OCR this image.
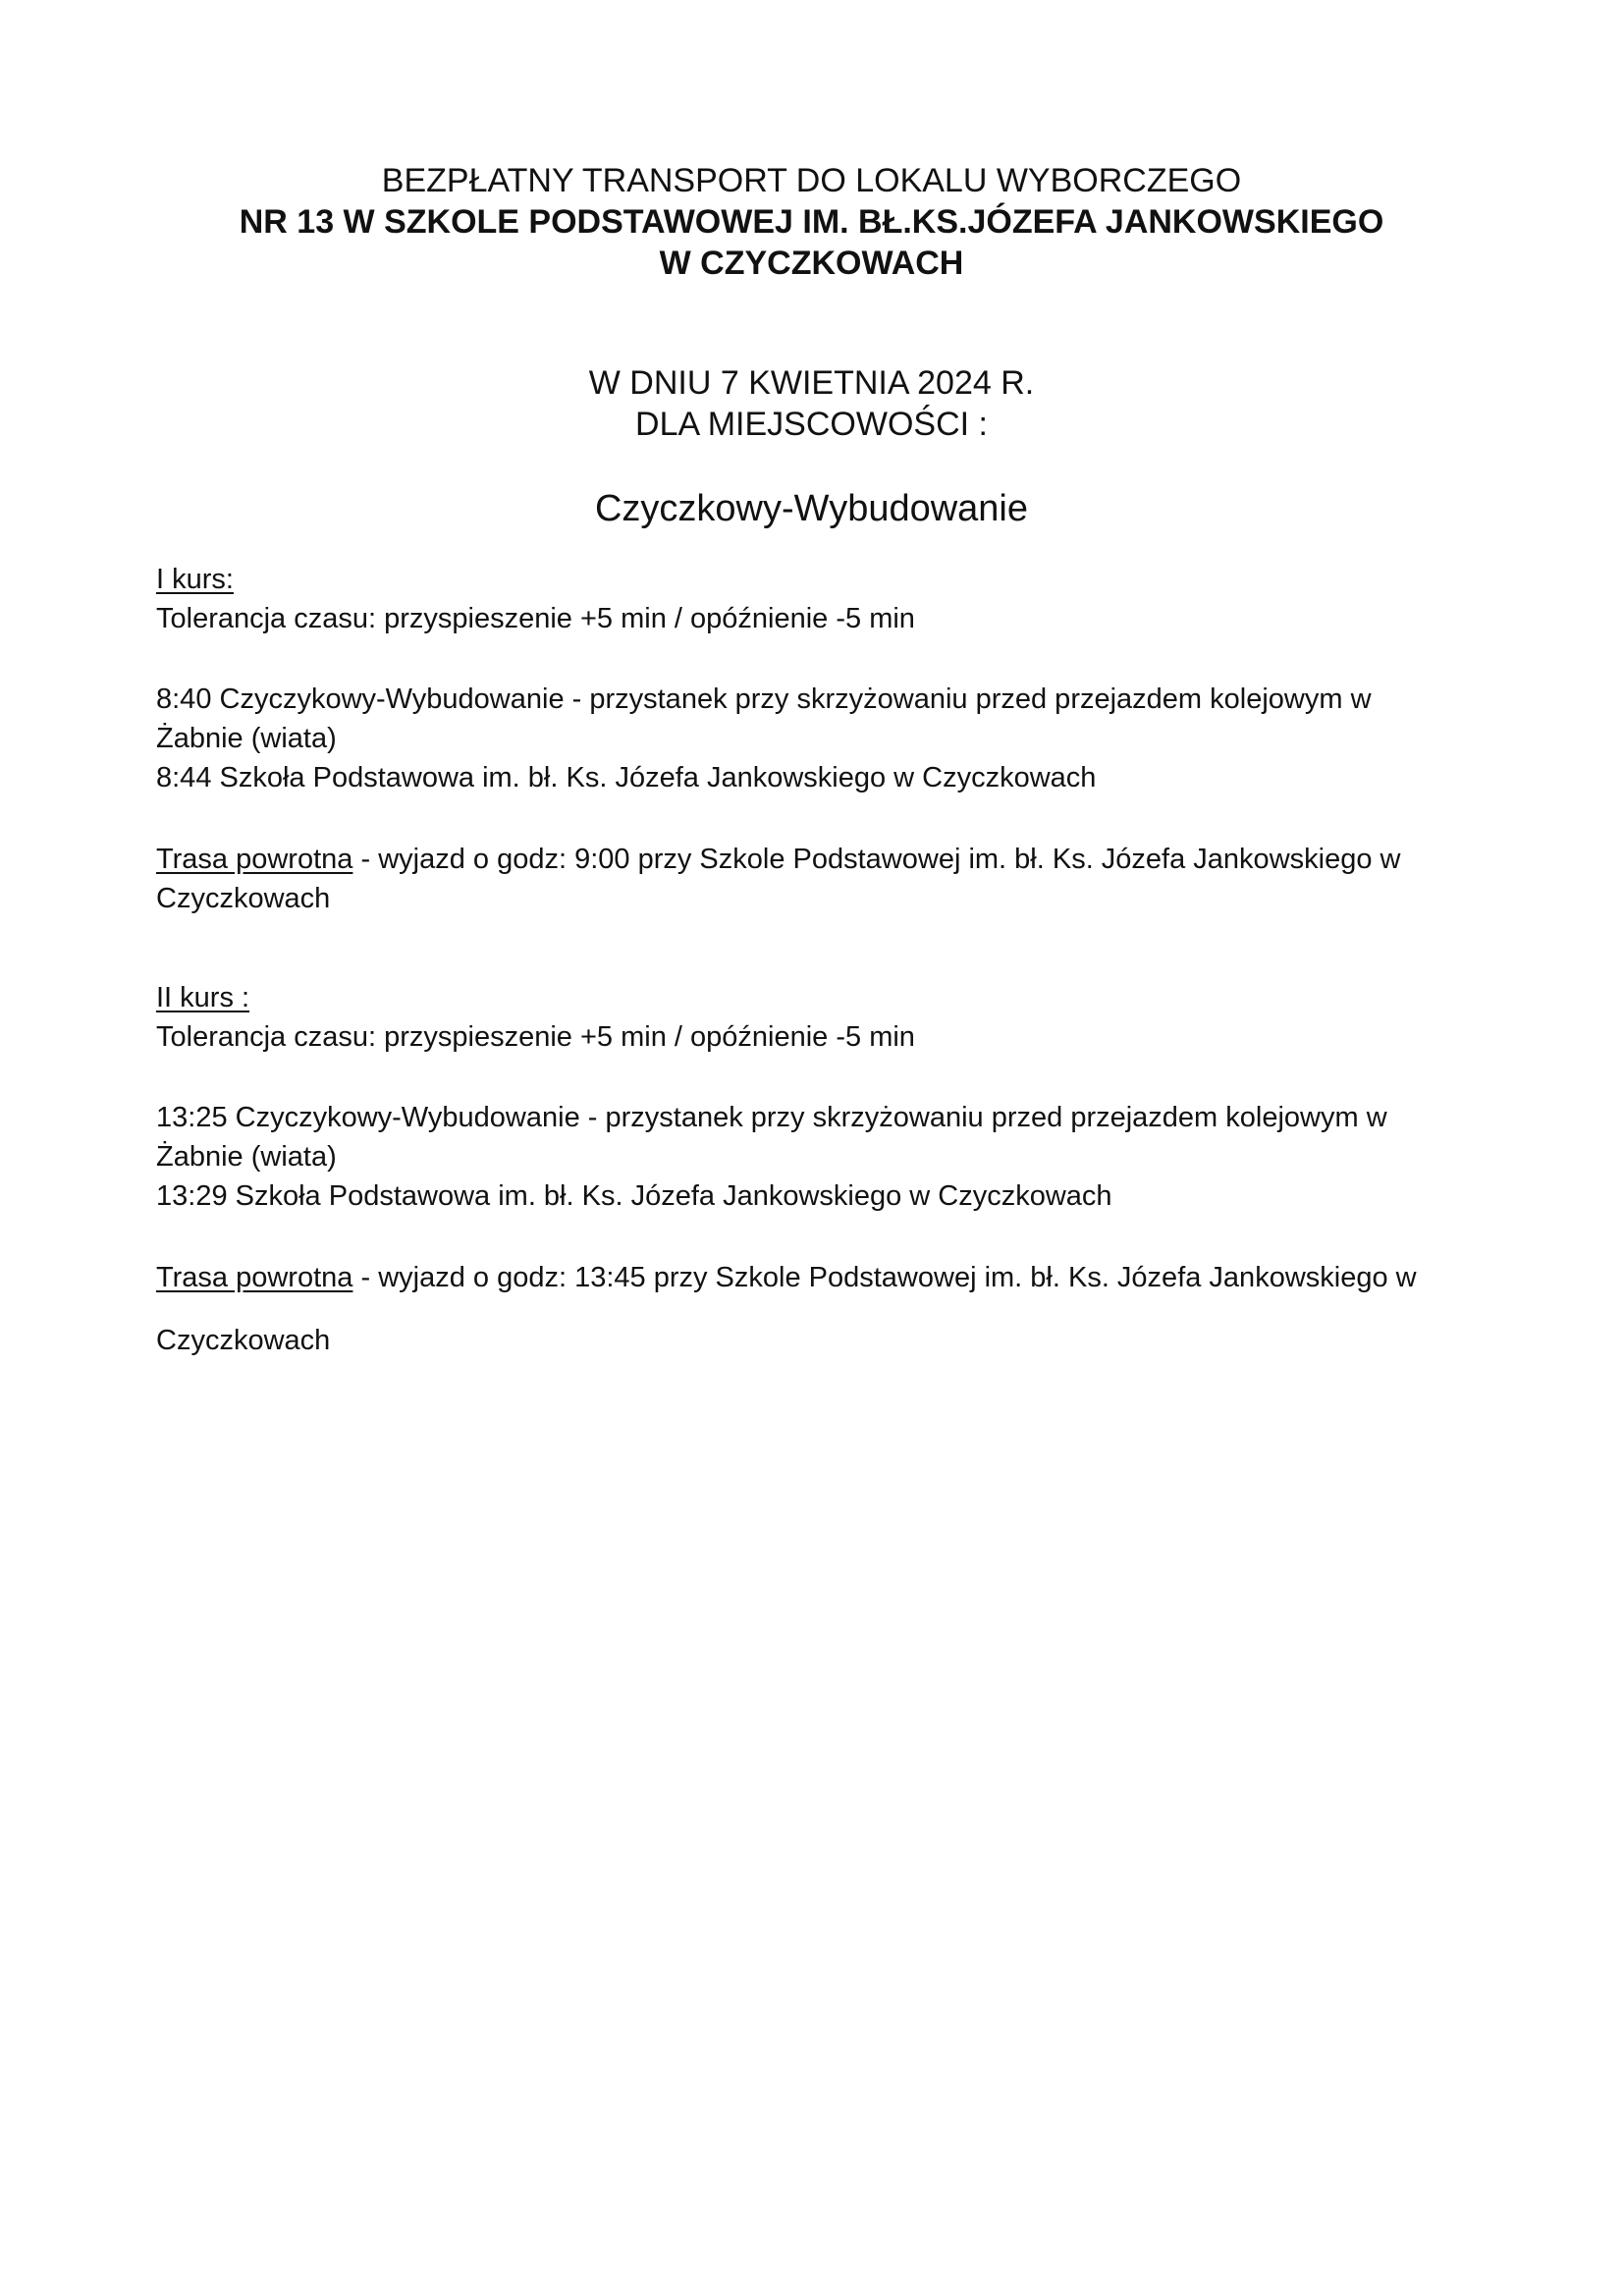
BEZPŁATNY TRANSPORT DO LOKALU WYBORCZEGO
NR 13 W SZKOLE PODSTAWOWEJ IM. BŁ.KS.JÓZEFA JANKOWSKIEGO
W CZYCZKOWACH
W DNIU 7 KWIETNIA 2024 R.
DLA MIEJSCOWOŚCI :
Czyczkowy-Wybudowanie
I kurs:
Tolerancja czasu: przyspieszenie +5 min / opóźnienie -5 min
8:40 Czyczykowy-Wybudowanie - przystanek przy skrzyżowaniu przed przejazdem kolejowym w
Żabnie (wiata)
8:44 Szkoła Podstawowa im. bł. Ks. Józefa Jankowskiego w Czyczkowach
Trasa powrotna - wyjazd o godz: 9:00 przy Szkole Podstawowej im. bł. Ks. Józefa Jankowskiego w
Czyczkowach
II kurs :
Tolerancja czasu: przyspieszenie +5 min / opóźnienie -5 min
13:25 Czyczykowy-Wybudowanie - przystanek przy skrzyżowaniu przed przejazdem kolejowym w
Żabnie (wiata)
13:29 Szkoła Podstawowa im. bł. Ks. Józefa Jankowskiego w Czyczkowach
Trasa powrotna - wyjazd o godz: 13:45 przy Szkole Podstawowej im. bł. Ks. Józefa Jankowskiego w
Czyczkowach
